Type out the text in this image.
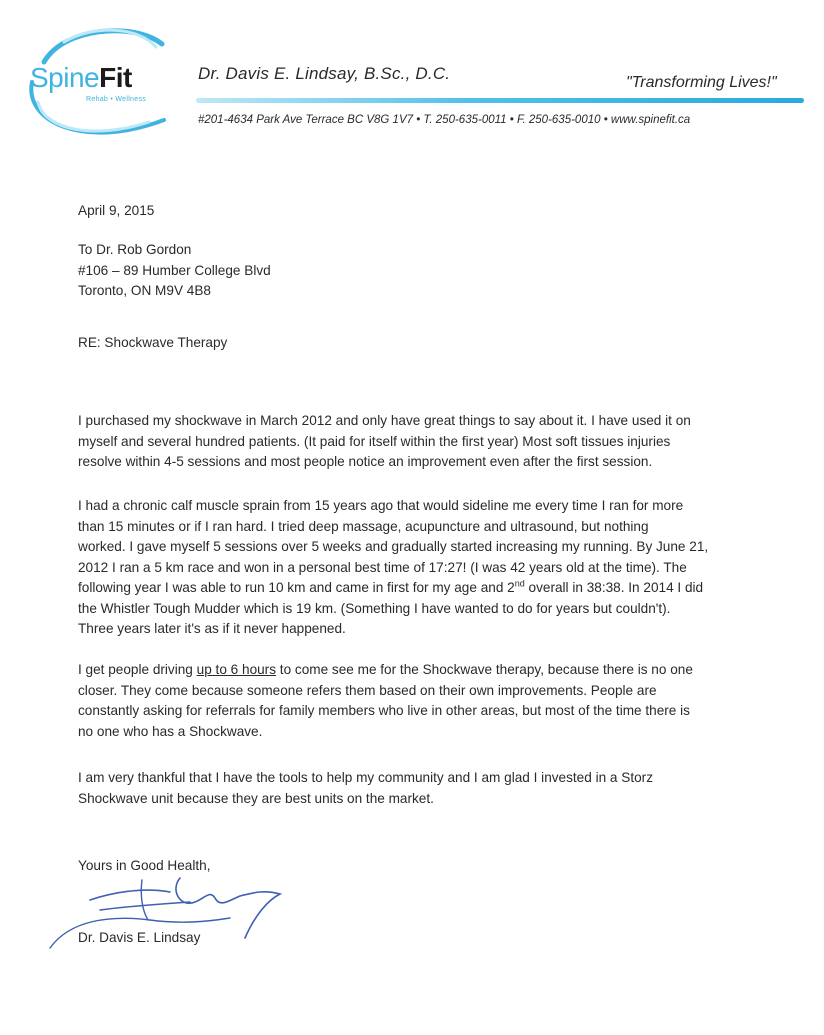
SpineFit
Rehab • Wellness
Dr. Davis E. Lindsay, B.Sc., D.C.	"Transforming Lives!"
#201-4634 Park Ave Terrace BC V8G 1V7 • T. 250-635-0011 • F. 250-635-0010 • www.spinefit.ca
April 9, 2015
To Dr. Rob Gordon
#106 – 89 Humber College Blvd
Toronto, ON M9V 4B8
RE: Shockwave Therapy
I purchased my shockwave in March 2012 and only have great things to say about it. I have used it on
myself and several hundred patients. (It paid for itself within the first year) Most soft tissues injuries
resolve within 4-5 sessions and most people notice an improvement even after the first session.
I had a chronic calf muscle sprain from 15 years ago that would sideline me every time I ran for more
than 15 minutes or if I ran hard. I tried deep massage, acupuncture and ultrasound, but nothing
worked. I gave myself 5 sessions over 5 weeks and gradually started increasing my running. By June 21,
2012 I ran a 5 km race and won in a personal best time of 17:27! (I was 42 years old at the time). The
following year I was able to run 10 km and came in first for my age and 2nd overall in 38:38. In 2014 I did
the Whistler Tough Mudder which is 19 km. (Something I have wanted to do for years but couldn't).
Three years later it's as if it never happened.
I get people driving up to 6 hours to come see me for the Shockwave therapy, because there is no one
closer. They come because someone refers them based on their own improvements. People are
constantly asking for referrals for family members who live in other areas, but most of the time there is
no one who has a Shockwave.
I am very thankful that I have the tools to help my community and I am glad I invested in a Storz
Shockwave unit because they are best units on the market.
Yours in Good Health,
Dr. Davis E. Lindsay
